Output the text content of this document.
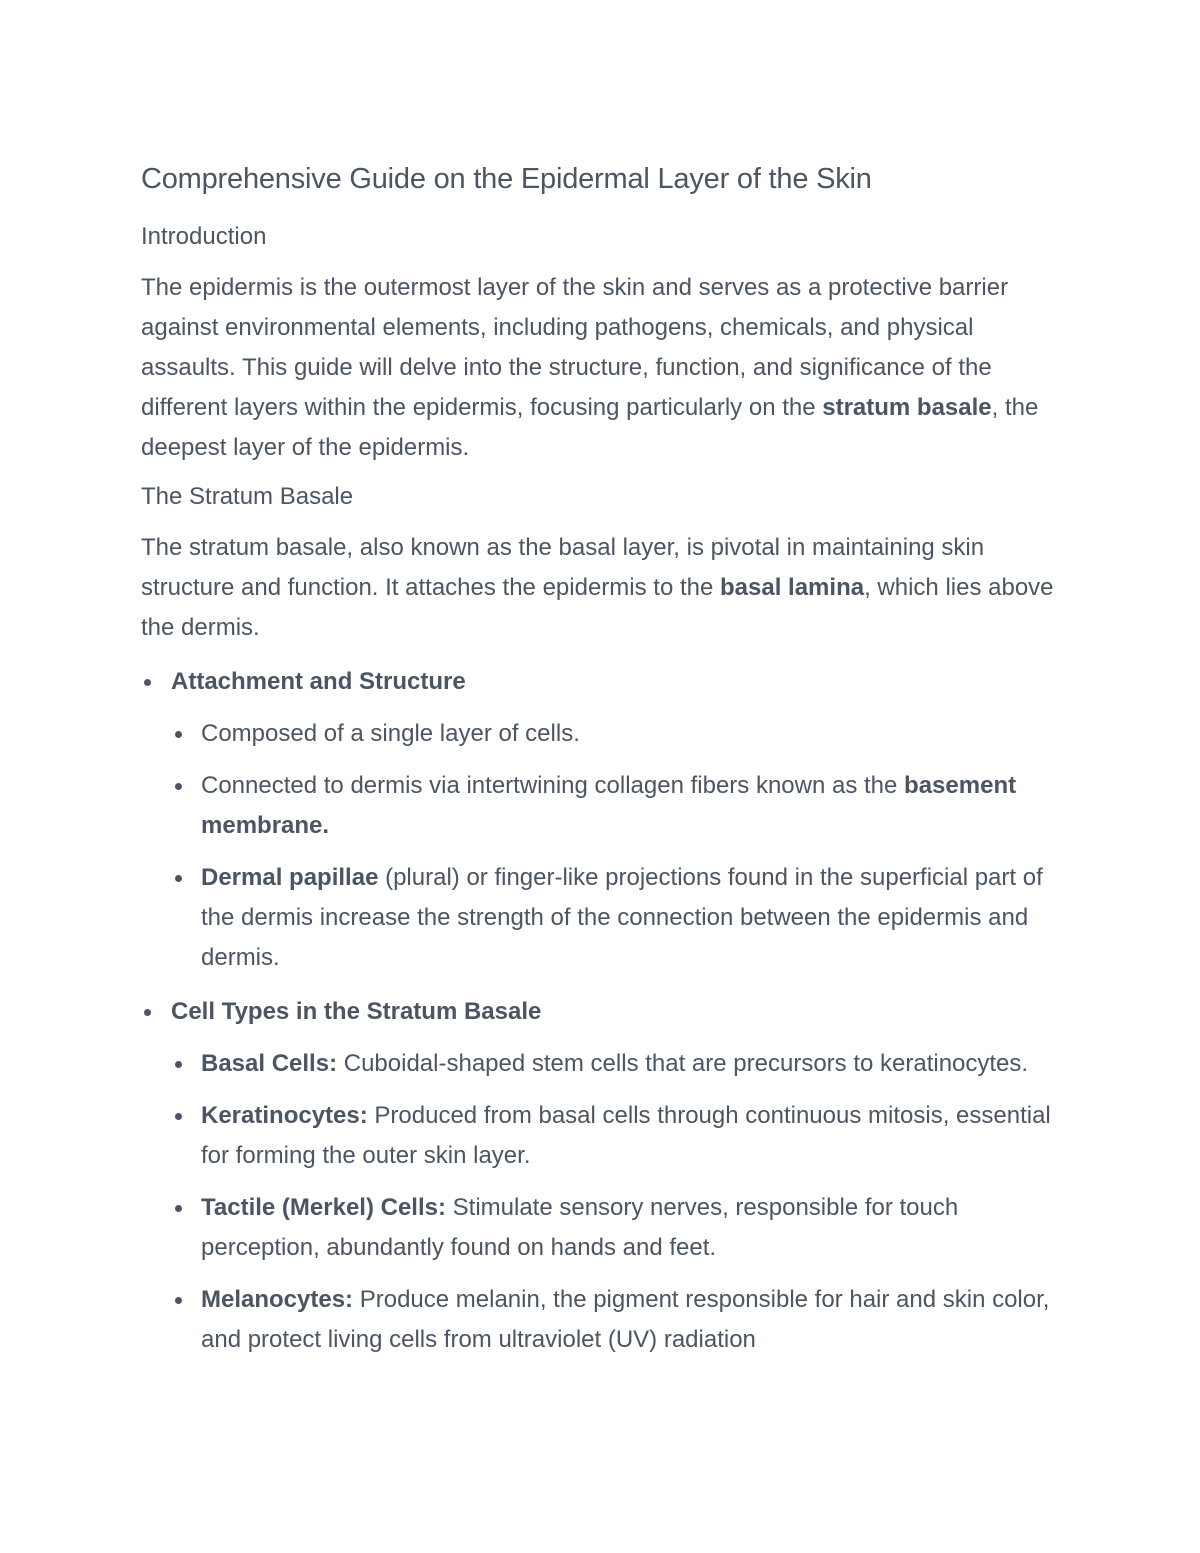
Comprehensive Guide on the Epidermal Layer of the Skin
Introduction

The epidermis is the outermost layer of the skin and serves as a protective barrier against environmental elements, including pathogens, chemicals, and physical assaults. This guide will delve into the structure, function, and significance of the different layers within the epidermis, focusing particularly on the stratum basale, the deepest layer of the epidermis.

The Stratum Basale

The stratum basale, also known as the basal layer, is pivotal in maintaining skin structure and function. It attaches the epidermis to the basal lamina, which lies above the dermis.

Attachment and Structure
Composed of a single layer of cells.
Connected to dermis via intertwining collagen fibers known as the basement membrane.
Dermal papillae (plural) or finger-like projections found in the superficial part of the dermis increase the strength of the connection between the epidermis and dermis.
Cell Types in the Stratum Basale
Basal Cells: Cuboidal-shaped stem cells that are precursors to keratinocytes.
Keratinocytes: Produced from basal cells through continuous mitosis, essential for forming the outer skin layer.
Tactile (Merkel) Cells: Stimulate sensory nerves, responsible for touch perception, abundantly found on hands and feet.
Melanocytes: Produce melanin, the pigment responsible for hair and skin color, and protect living cells from ultraviolet (UV) radiation
